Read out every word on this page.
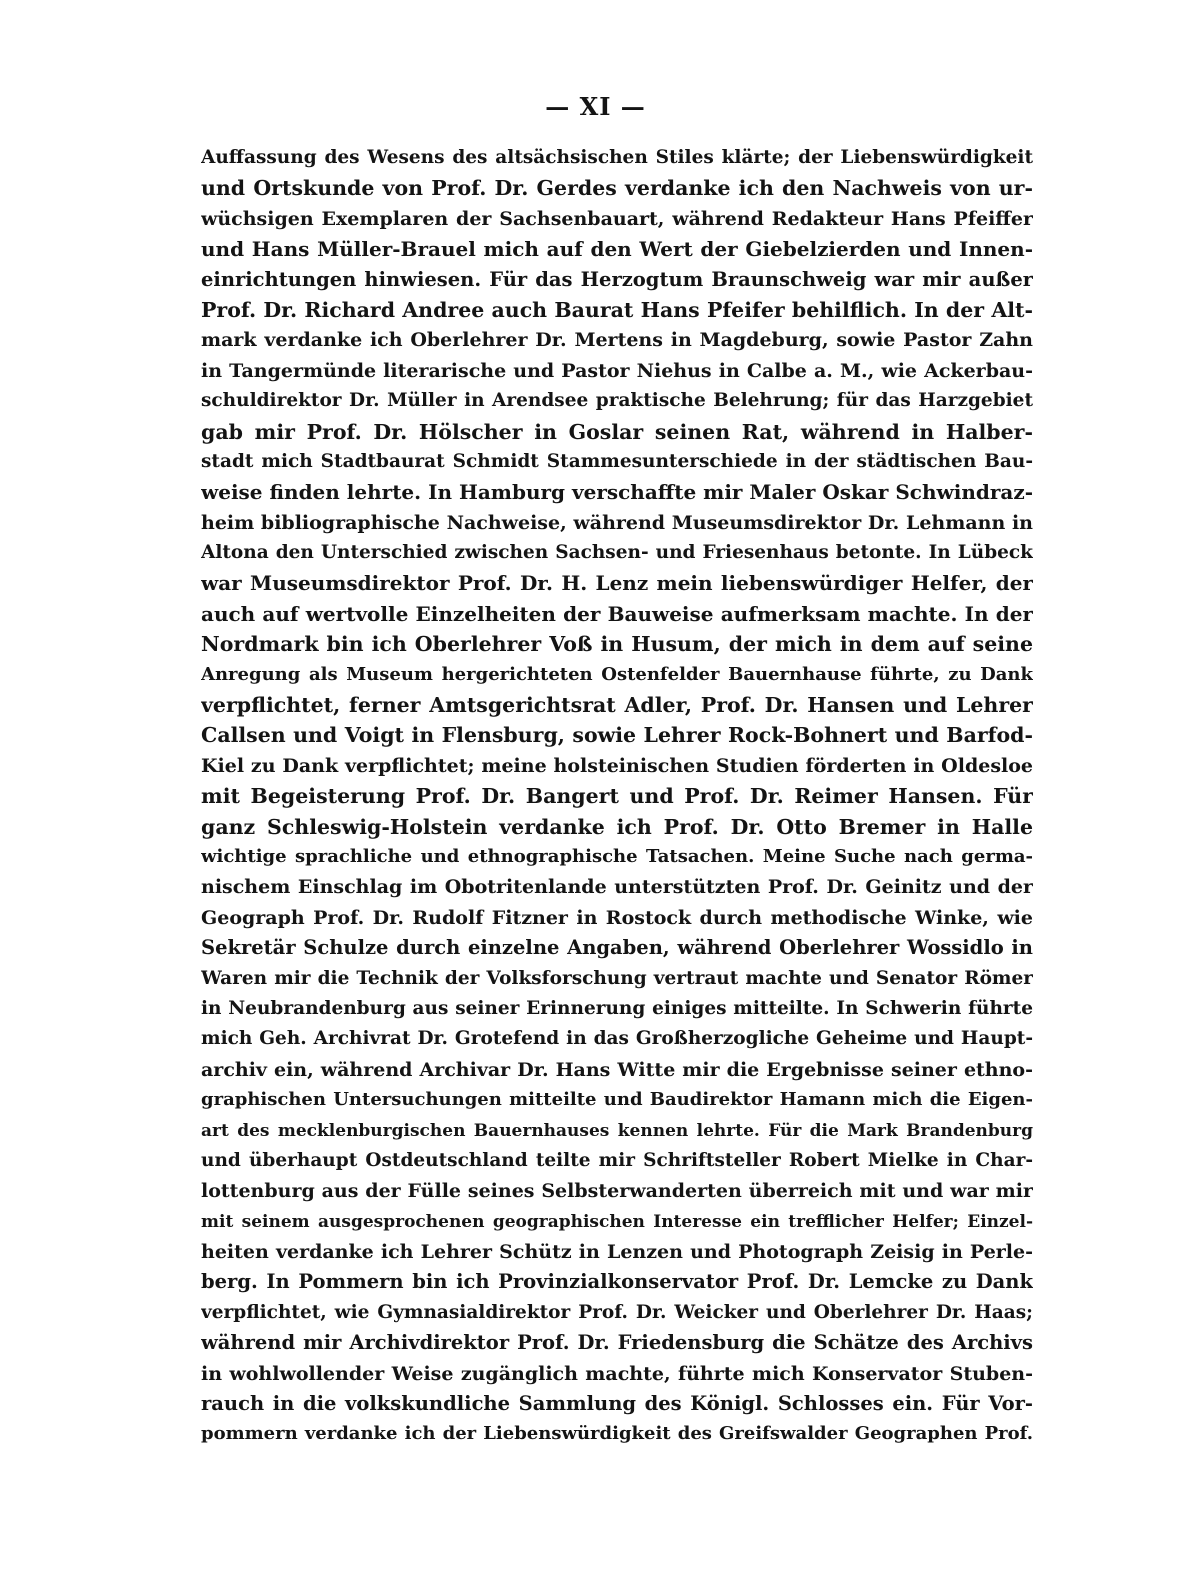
— XI —
Auffassung des Wesens des altsächsischen Stiles klärte; der Liebenswürdigkeit
und Ortskunde von Prof. Dr. Gerdes verdanke ich den Nachweis von ur-
wüchsigen Exemplaren der Sachsenbauart, während Redakteur Hans Pfeiffer
und Hans Müller-Brauel mich auf den Wert der Giebelzierden und Innen-
einrichtungen hinwiesen. Für das Herzogtum Braunschweig war mir außer
Prof. Dr. Richard Andree auch Baurat Hans Pfeifer behilflich. In der Alt-
mark verdanke ich Oberlehrer Dr. Mertens in Magdeburg, sowie Pastor Zahn
in Tangermünde literarische und Pastor Niehus in Calbe a. M., wie Ackerbau-
schuldirektor Dr. Müller in Arendsee praktische Belehrung; für das Harzgebiet
gab mir Prof. Dr. Hölscher in Goslar seinen Rat, während in Halber-
stadt mich Stadtbaurat Schmidt Stammesunterschiede in der städtischen Bau-
weise finden lehrte. In Hamburg verschaffte mir Maler Oskar Schwindraz-
heim bibliographische Nachweise, während Museumsdirektor Dr. Lehmann in
Altona den Unterschied zwischen Sachsen- und Friesenhaus betonte. In Lübeck
war Museumsdirektor Prof. Dr. H. Lenz mein liebenswürdiger Helfer, der
auch auf wertvolle Einzelheiten der Bauweise aufmerksam machte. In der
Nordmark bin ich Oberlehrer Voß in Husum, der mich in dem auf seine
Anregung als Museum hergerichteten Ostenfelder Bauernhause führte, zu Dank
verpflichtet, ferner Amtsgerichtsrat Adler, Prof. Dr. Hansen und Lehrer
Callsen und Voigt in Flensburg, sowie Lehrer Rock-Bohnert und Barfod-
Kiel zu Dank verpflichtet; meine holsteinischen Studien förderten in Oldesloe
mit Begeisterung Prof. Dr. Bangert und Prof. Dr. Reimer Hansen. Für
ganz Schleswig-Holstein verdanke ich Prof. Dr. Otto Bremer in Halle
wichtige sprachliche und ethnographische Tatsachen. Meine Suche nach germa-
nischem Einschlag im Obotritenlande unterstützten Prof. Dr. Geinitz und der
Geograph Prof. Dr. Rudolf Fitzner in Rostock durch methodische Winke, wie
Sekretär Schulze durch einzelne Angaben, während Oberlehrer Wossidlo in
Waren mir die Technik der Volksforschung vertraut machte und Senator Römer
in Neubrandenburg aus seiner Erinnerung einiges mitteilte. In Schwerin führte
mich Geh. Archivrat Dr. Grotefend in das Großherzogliche Geheime und Haupt-
archiv ein, während Archivar Dr. Hans Witte mir die Ergebnisse seiner ethno-
graphischen Untersuchungen mitteilte und Baudirektor Hamann mich die Eigen-
art des mecklenburgischen Bauernhauses kennen lehrte. Für die Mark Brandenburg
und überhaupt Ostdeutschland teilte mir Schriftsteller Robert Mielke in Char-
lottenburg aus der Fülle seines Selbsterwanderten überreich mit und war mir
mit seinem ausgesprochenen geographischen Interesse ein trefflicher Helfer; Einzel-
heiten verdanke ich Lehrer Schütz in Lenzen und Photograph Zeisig in Perle-
berg. In Pommern bin ich Provinzialkonservator Prof. Dr. Lemcke zu Dank
verpflichtet, wie Gymnasialdirektor Prof. Dr. Weicker und Oberlehrer Dr. Haas;
während mir Archivdirektor Prof. Dr. Friedensburg die Schätze des Archivs
in wohlwollender Weise zugänglich machte, führte mich Konservator Stuben-
rauch in die volkskundliche Sammlung des Königl. Schlosses ein. Für Vor-
pommern verdanke ich der Liebenswürdigkeit des Greifswalder Geographen Prof.
